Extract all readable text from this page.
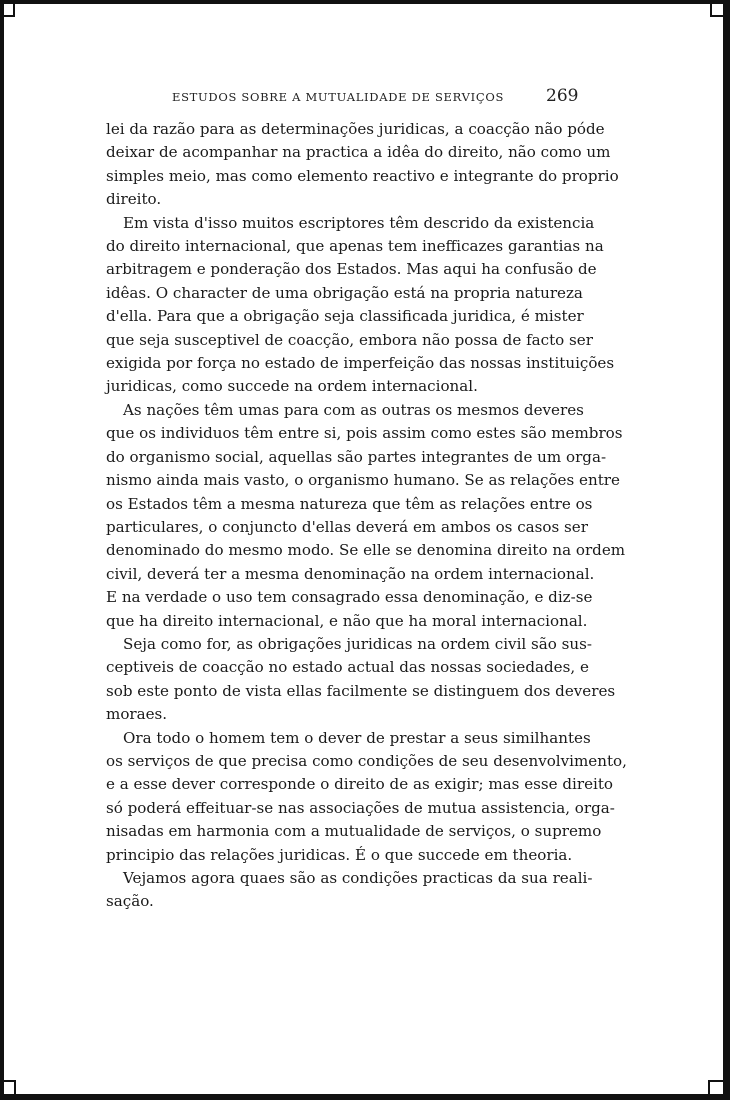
ESTUDOS SOBRE A MUTUALIDADE DE SERVIÇOS 269
lei da razão para as determinações juridicas, a coacção não póde
deixar de acompanhar na practica a idêa do direito, não como um
simples meio, mas como elemento reactivo e integrante do proprio
direito.
Em vista d'isso muitos escriptores têm descrido da existencia
do direito internacional, que apenas tem inefficazes garantias na
arbitragem e ponderação dos Estados. Mas aqui ha confusão de
idêas. O character de uma obrigação está na propria natureza
d'ella. Para que a obrigação seja classificada juridica, é mister
que seja susceptivel de coacção, embora não possa de facto ser
exigida por força no estado de imperfeição das nossas instituições
juridicas, como succede na ordem internacional.
As nações têm umas para com as outras os mesmos deveres
que os individuos têm entre si, pois assim como estes são membros
do organismo social, aquellas são partes integrantes de um orga-
nismo ainda mais vasto, o organismo humano. Se as relações entre
os Estados têm a mesma natureza que têm as relações entre os
particulares, o conjuncto d'ellas deverá em ambos os casos ser
denominado do mesmo modo. Se elle se denomina direito na ordem
civil, deverá ter a mesma denominação na ordem internacional.
E na verdade o uso tem consagrado essa denominação, e diz-se
que ha direito internacional, e não que ha moral internacional.
Seja como for, as obrigações juridicas na ordem civil são sus-
ceptiveis de coacção no estado actual das nossas sociedades, e
sob este ponto de vista ellas facilmente se distinguem dos deveres
moraes.
Ora todo o homem tem o dever de prestar a seus similhantes
os serviços de que precisa como condições de seu desenvolvimento,
e a esse dever corresponde o direito de as exigir; mas esse direito
só poderá effeituar-se nas associações de mutua assistencia, orga-
nisadas em harmonia com a mutualidade de serviços, o supremo
principio das relações juridicas. É o que succede em theoria.
Vejamos agora quaes são as condições practicas da sua reali-
sação.
